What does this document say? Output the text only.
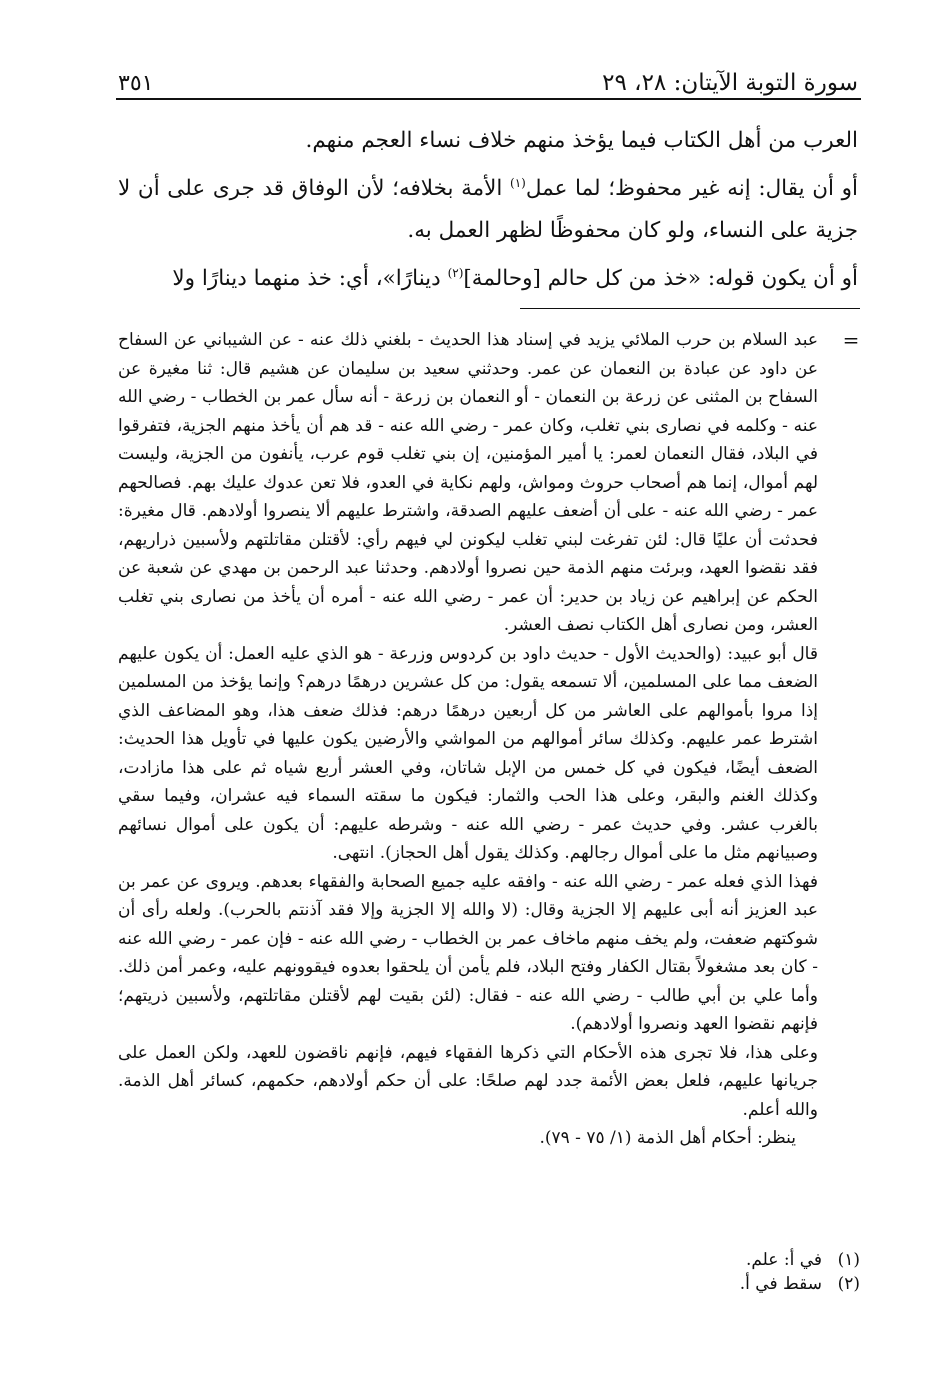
سورة التوبة الآيتان: ٢٨، ٢٩
٣٥١

العرب من أهل الكتاب فيما يؤخذ منهم خلاف نساء العجم منهم.

أو أن يقال: إنه غير محفوظ؛ لما عمل$^{(١)}$ الأمة بخلافه؛ لأن الوفاق قد جرى على أن لا جزية على النساء، ولو كان محفوظًا لظهر العمل به.

أو أن يكون قوله: «خذ من كل حالم [وحالمة]$^{(٢)}$ دينارًا»، أي: خذ منهما دينارًا ولا

=

عبد السلام بن حرب الملائي يزيد في إسناد هذا الحديث - بلغني ذلك عنه - عن الشيباني عن السفاح عن داود عن عبادة بن النعمان عن عمر. وحدثني سعيد بن سليمان عن هشيم قال: ثنا مغيرة عن السفاح بن المثنى عن زرعة بن النعمان - أو النعمان بن زرعة - أنه سأل عمر بن الخطاب - رضي الله عنه - وكلمه في نصارى بني تغلب، وكان عمر - رضي الله عنه - قد هم أن يأخذ منهم الجزية، فتفرقوا في البلاد، فقال النعمان لعمر: يا أمير المؤمنين، إن بني تغلب قوم عرب، يأنفون من الجزية، وليست لهم أموال، إنما هم أصحاب حروث ومواش، ولهم نكاية في العدو، فلا تعن عدوك عليك بهم. فصالحهم عمر - رضي الله عنه - على أن أضعف عليهم الصدقة، واشترط عليهم ألا ينصروا أولادهم. قال مغيرة: فحدثت أن عليًا قال: لئن تفرغت لبني تغلب ليكونن لي فيهم رأي: لأقتلن مقاتلتهم ولأسبين ذراريهم، فقد نقضوا العهد، وبرئت منهم الذمة حين نصروا أولادهم. وحدثنا عبد الرحمن بن مهدي عن شعبة عن الحكم عن إبراهيم عن زياد بن حدير: أن عمر - رضي الله عنه - أمره أن يأخذ من نصارى بني تغلب العشر، ومن نصارى أهل الكتاب نصف العشر.

قال أبو عبيد: (والحديث الأول - حديث داود بن كردوس وزرعة - هو الذي عليه العمل: أن يكون عليهم الضعف مما على المسلمين، ألا تسمعه يقول: من كل عشرين درهمًا درهم؟ وإنما يؤخذ من المسلمين إذا مروا بأموالهم على العاشر من كل أربعين درهمًا درهم: فذلك ضعف هذا، وهو المضاعف الذي اشترط عمر عليهم. وكذلك سائر أموالهم من المواشي والأرضين يكون عليها في تأويل هذا الحديث: الضعف أيضًا، فيكون في كل خمس من الإبل شاتان، وفي العشر أربع شياه ثم على هذا مازادت، وكذلك الغنم والبقر، وعلى هذا الحب والثمار: فيكون ما سقته السماء فيه عشران، وفيما سقي بالغرب عشر. وفي حديث عمر - رضي الله عنه - وشرطه عليهم: أن يكون على أموال نسائهم وصبيانهم مثل ما على أموال رجالهم. وكذلك يقول أهل الحجاز). انتهى.

فهذا الذي فعله عمر - رضي الله عنه - وافقه عليه جميع الصحابة والفقهاء بعدهم. ويروى عن عمر بن عبد العزيز أنه أبى عليهم إلا الجزية وقال: (لا والله إلا الجزية وإلا فقد آذنتم بالحرب). ولعله رأى أن شوكتهم ضعفت، ولم يخف منهم ماخاف عمر بن الخطاب - رضي الله عنه - فإن عمر - رضي الله عنه - كان بعد مشغولاً بقتال الكفار وفتح البلاد، فلم يأمن أن يلحقوا بعدوه فيقوونهم عليه، وعمر أمن ذلك. وأما علي بن أبي طالب - رضي الله عنه - فقال: (لئن بقيت لهم لأقتلن مقاتلتهم، ولأسبين ذريتهم؛ فإنهم نقضوا العهد ونصروا أولادهم).

وعلى هذا، فلا تجرى هذه الأحكام التي ذكرها الفقهاء فيهم، فإنهم ناقضون للعهد، ولكن العمل على جريانها عليهم، فلعل بعض الأئمة جدد لهم صلحًا: على أن حكم أولادهم، حكمهم، كسائر أهل الذمة. والله أعلم.

ينظر: أحكام أهل الذمة (١/ ٧٥ - ٧٩).

(١)
في أ: علم.
(٢)
سقط في أ.
